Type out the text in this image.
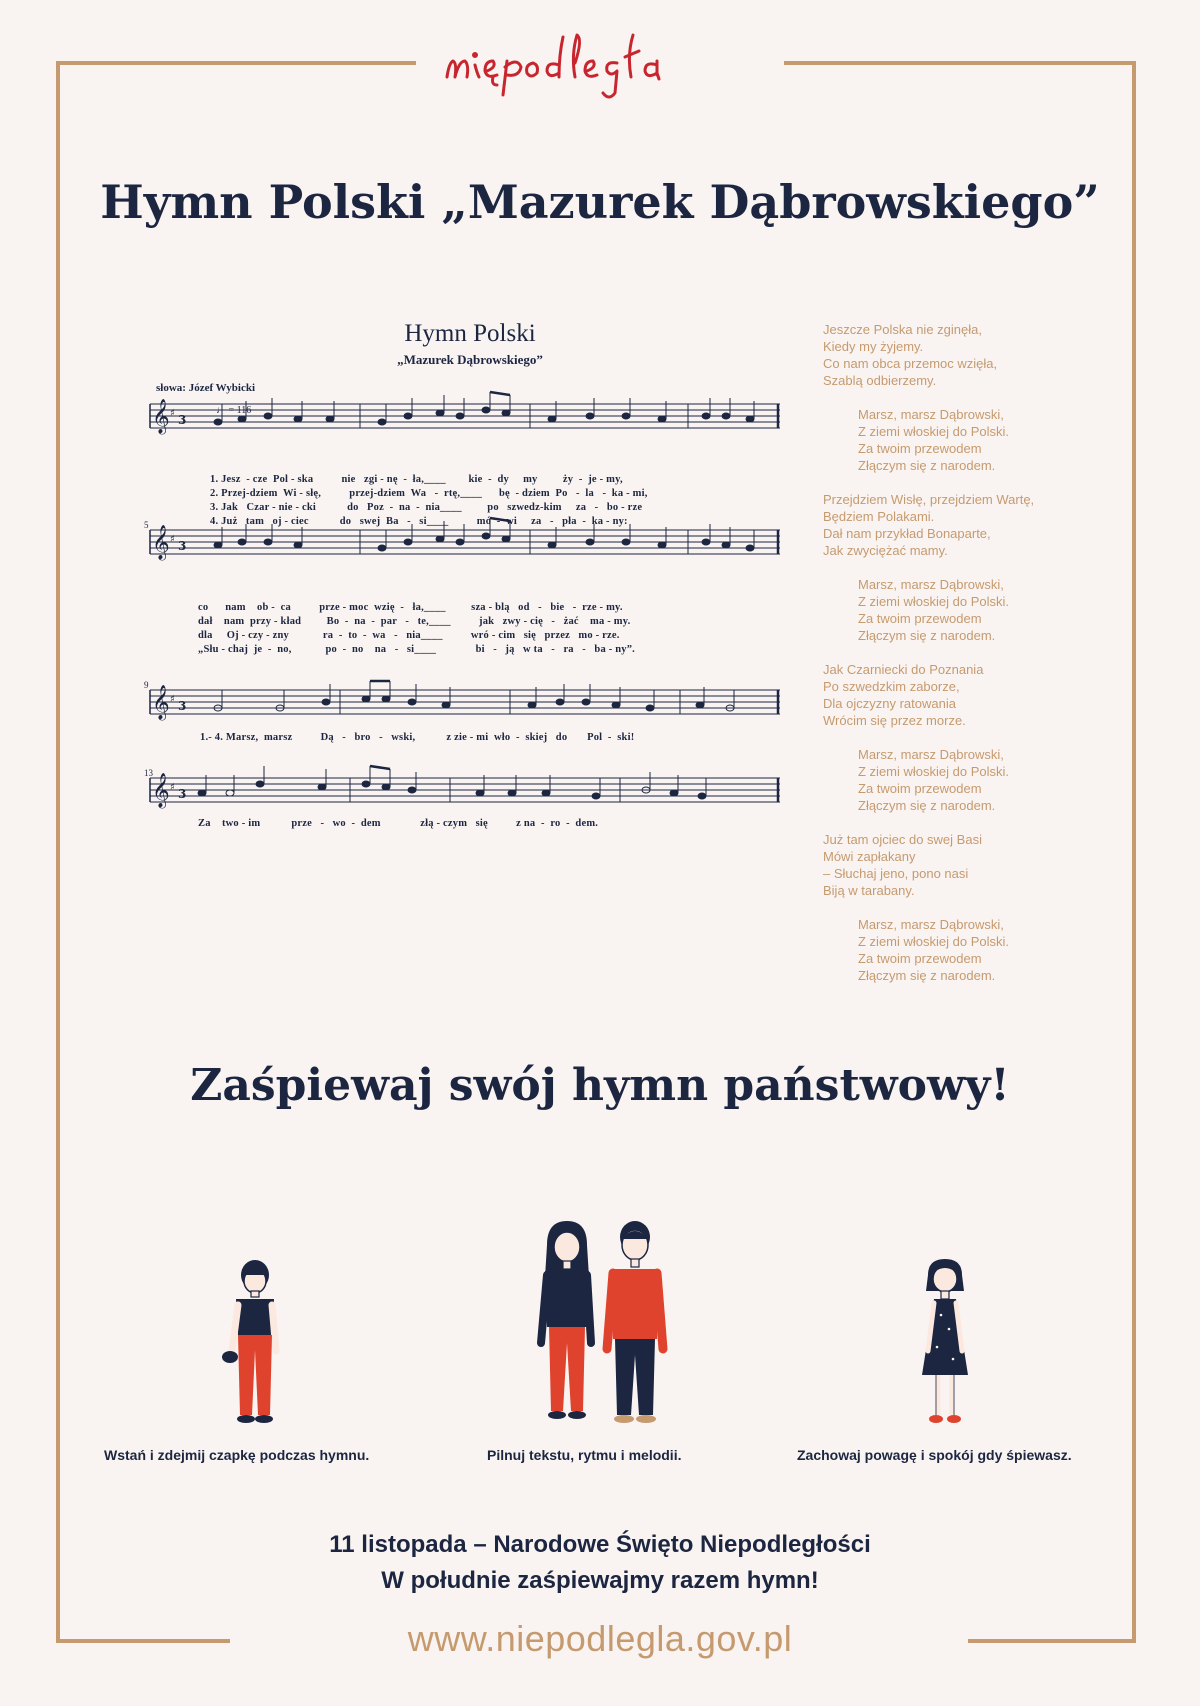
Hymn Polski „Mazurek Dąbrowskiego”
Hymn Polski
„Mazurek Dąbrowskiego”
słowa: Józef Wybicki
𝄞 ♯ 3
5
9
13
1. Jesz  - cze  Pol - ska          nie   zgi - nę  -  ła,____        kie  -  dy     my         ży  -  je - my,
2. Przej-dziem  Wi - słę,          przej-dziem  Wa   -  rtę,____      bę  - dziem  Po   -  la   -  ka - mi,
3. Jak   Czar - nie - cki           do   Poz  -  na  -  nia____         po   szwedz-kim     za   -   bo - rze
4. Już   tam   oj - ciec           do   swej  Ba   -   si____          mó  -  wi     za   -   pła  -  ka - ny:
co      nam    ob -  ca          prze - moc  wzię  -   ła,____         sza - blą   od   -   bie   -  rze - my.
dał    nam  przy - kład         Bo  -  na  -  par   -   te,____          jak   zwy - cię   -   żać    ma - my.
dla     Oj - czy - zny            ra  -  to  -  wa   -   nia____          wró - cim   się   przez   mo - rze.
„Słu - chaj  je  -  no,            po  -  no    na   -   si____              bi   -   ją   w ta   -   ra   -   ba - ny”.
1.- 4. Marsz,  marsz          Dą   -   bro   -   wski,           z zie - mi  wło  -  skiej   do       Pol  -  ski!
Za    two - im           prze   -   wo  -  dem              złą - czym   się          z na  -  ro  -  dem.

Jeszcze Polska nie zginęła,

Kiedy my żyjemy.

Co nam obca przemoc wzięła,

Szablą odbierzemy.

Marsz, marsz Dąbrowski,

Z ziemi włoskiej do Polski.

Za twoim przewodem

Złączym się z narodem.

Przejdziem Wisłę, przejdziem Wartę,

Będziem Polakami.

Dał nam przykład Bonaparte,

Jak zwyciężać mamy.

Marsz, marsz Dąbrowski,

Z ziemi włoskiej do Polski.

Za twoim przewodem

Złączym się z narodem.

Jak Czarniecki do Poznania

Po szwedzkim zaborze,

Dla ojczyzny ratowania

Wrócim się przez morze.

Marsz, marsz Dąbrowski,

Z ziemi włoskiej do Polski.

Za twoim przewodem

Złączym się z narodem.

Już tam ojciec do swej Basi

Mówi zapłakany

– Słuchaj jeno, pono nasi

Biją w tarabany.

Marsz, marsz Dąbrowski,

Z ziemi włoskiej do Polski.

Za twoim przewodem

Złączym się z narodem.

Zaśpiewaj swój hymn państwowy!
Wstań i zdejmij czapkę podczas hymnu.	Pilnuj tekstu, rytmu i melodii.	Zachowaj powagę i spokój gdy śpiewasz.
11 listopada – Narodowe Święto Niepodległości
W południe zaśpiewajmy razem hymn!
www.niepodlegla.gov.pl
